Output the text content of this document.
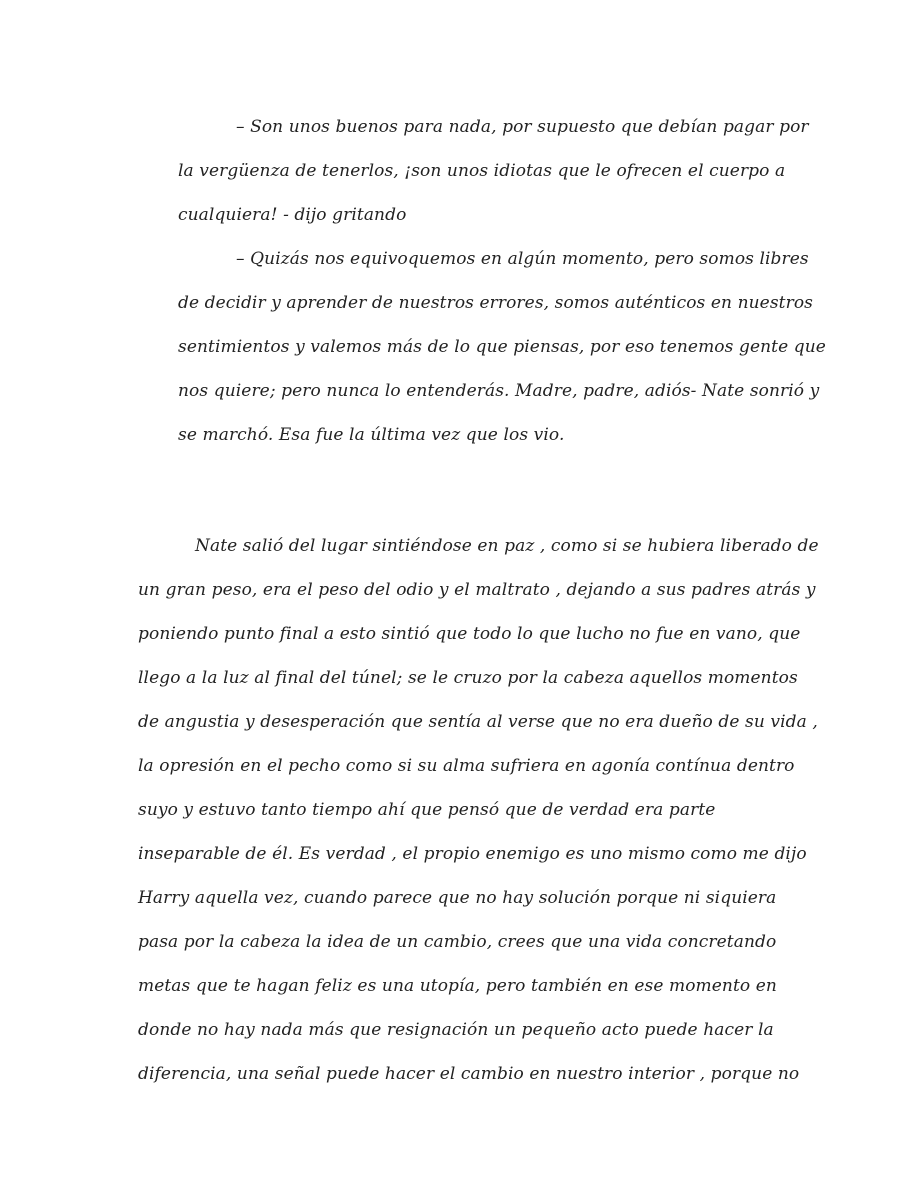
– Son unos buenos para nada, por supuesto que debían pagar por

la vergüenza de tenerlos, ¡son unos idiotas que le ofrecen el cuerpo a

cualquiera! - dijo gritando

– Quizás nos equivoquemos en algún momento, pero somos libres

de decidir y aprender de nuestros errores, somos auténticos en nuestros

sentimientos y valemos más de lo que piensas, por eso tenemos gente que

nos quiere; pero nunca lo entenderás. Madre, padre, adiós- Nate sonrió y

se marchó. Esa fue la última vez que los vio.

Nate salió del lugar sintiéndose en paz , como si se hubiera liberado de

un gran peso, era el peso del odio y el maltrato , dejando a sus padres atrás y

poniendo punto final a esto sintió que todo lo que lucho no fue en vano, que

llego a la luz al final del túnel; se le cruzo por la cabeza aquellos momentos

de angustia y desesperación que sentía al verse que no era dueño de su vida ,

la opresión en el pecho como si su alma sufriera en agonía contínua dentro

suyo y estuvo tanto tiempo ahí que pensó que de verdad era parte

inseparable de él. Es verdad , el propio enemigo es uno mismo como me dijo

Harry aquella vez, cuando parece que no hay solución porque ni siquiera

pasa por la cabeza la idea de un cambio, crees que una vida concretando

metas que te hagan feliz es una utopía, pero también en ese momento en

donde no hay nada más que resignación un pequeño acto puede hacer la

diferencia, una señal puede hacer el cambio en nuestro interior , porque no
